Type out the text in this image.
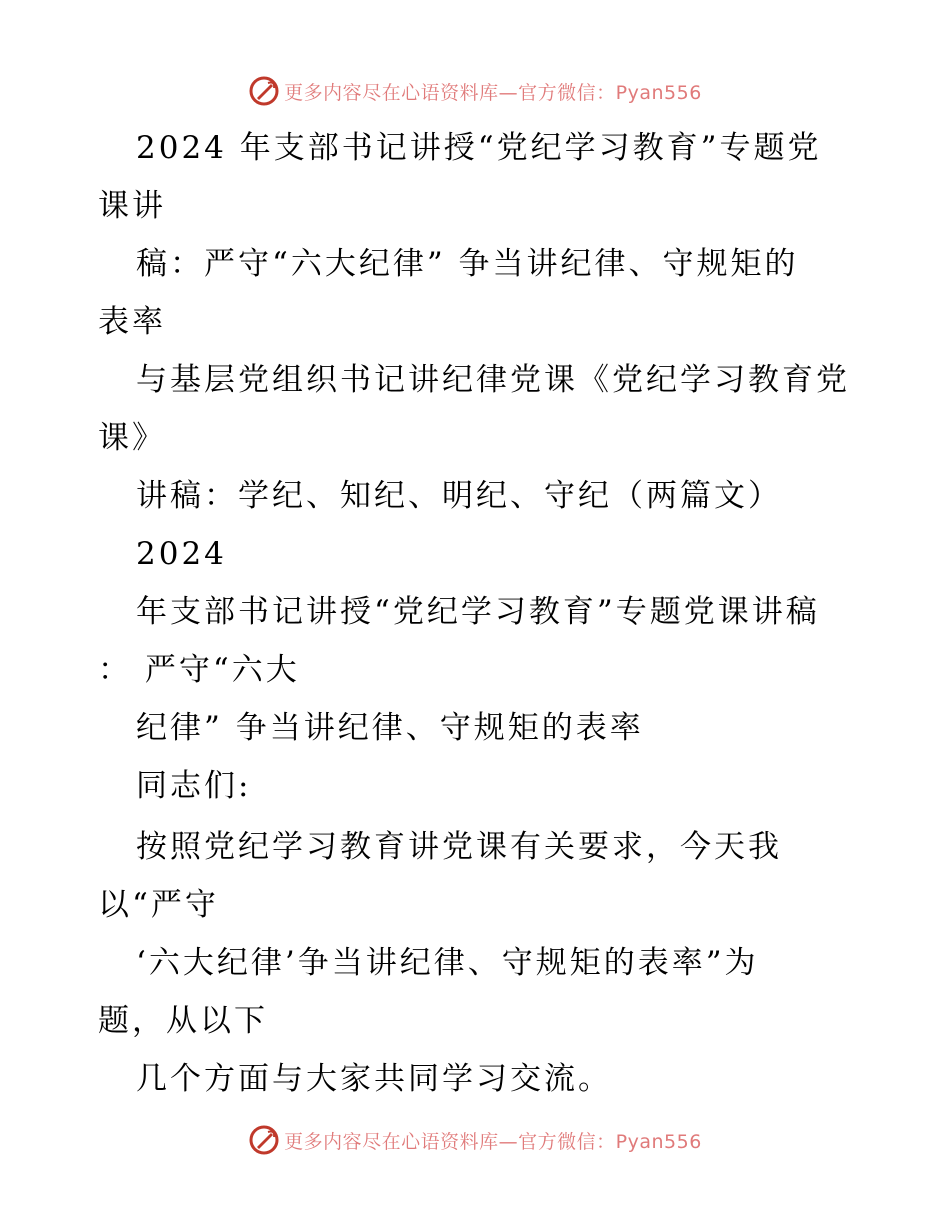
更多内容尽在心语资料库—官方微信：Pyan556
2024 年支部书记讲授“党纪学习教育”专题党
课讲
稿：严守“六大纪律” 争当讲纪律、守规矩的
表率
与基层党组织书记讲纪律党课《党纪学习教育党
课》
讲稿：学纪、知纪、明纪、守纪（两篇文）
2024
年支部书记讲授“党纪学习教育”专题党课讲稿
： 严守“六大
纪律” 争当讲纪律、守规矩的表率
同志们:
按照党纪学习教育讲党课有关要求，今天我
以“严守
‘六大纪律’争当讲纪律、守规矩的表率”为
题，从以下
几个方面与大家共同学习交流。
更多内容尽在心语资料库—官方微信：Pyan556
